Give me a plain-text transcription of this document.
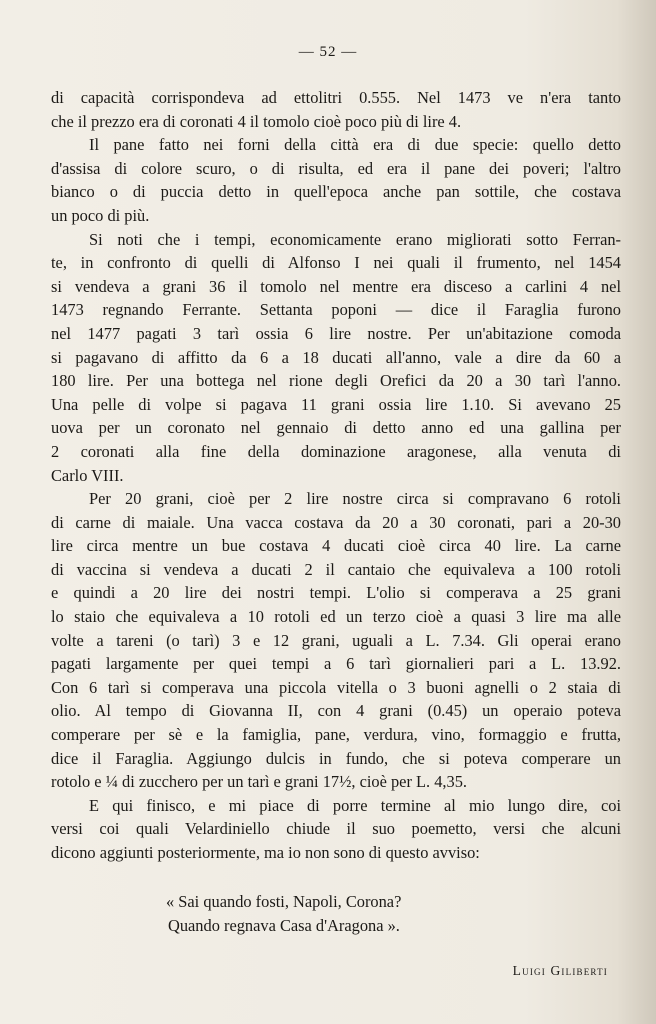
— 52 —
di capacità corrispondeva ad ettolitri 0.555. Nel 1473 ve n'era tanto
che il prezzo era di coronati 4 il tomolo cioè poco più di lire 4.
Il pane fatto nei forni della città era di due specie: quello detto
d'assisa di colore scuro, o di risulta, ed era il pane dei poveri; l'altro
bianco o di puccia detto in quell'epoca anche pan sottile, che costava
un poco di più.
Si noti che i tempi, economicamente erano migliorati sotto Ferran-
te, in confronto di quelli di Alfonso I nei quali il frumento, nel 1454
si vendeva a grani 36 il tomolo nel mentre era disceso a carlini 4 nel
1473 regnando Ferrante. Settanta poponi — dice il Faraglia furono
nel 1477 pagati 3 tarì ossia 6 lire nostre. Per un'abitazione comoda
si pagavano di affitto da 6 a 18 ducati all'anno, vale a dire da 60 a
180 lire. Per una bottega nel rione degli Orefici da 20 a 30 tarì l'anno.
Una pelle di volpe si pagava 11 grani ossia lire 1.10. Si avevano 25
uova per un coronato nel gennaio di detto anno ed una gallina per
2 coronati alla fine della dominazione aragonese, alla venuta di
Carlo VIII.
Per 20 grani, cioè per 2 lire nostre circa si compravano 6 rotoli
di carne di maiale. Una vacca costava da 20 a 30 coronati, pari a 20-30
lire circa mentre un bue costava 4 ducati cioè circa 40 lire. La carne
di vaccina si vendeva a ducati 2 il cantaio che equivaleva a 100 rotoli
e quindi a 20 lire dei nostri tempi. L'olio si comperava a 25 grani
lo staio che equivaleva a 10 rotoli ed un terzo cioè a quasi 3 lire ma alle
volte a tareni (o tarì) 3 e 12 grani, uguali a L. 7.34. Gli operai erano
pagati largamente per quei tempi a 6 tarì giornalieri pari a L. 13.92.
Con 6 tarì si comperava una piccola vitella o 3 buoni agnelli o 2 staia di
olio. Al tempo di Giovanna II, con 4 grani (0.45) un operaio poteva
comperare per sè e la famiglia, pane, verdura, vino, formaggio e frutta,
dice il Faraglia. Aggiungo dulcis in fundo, che si poteva comperare un
rotolo e ¼ di zucchero per un tarì e grani 17½, cioè per L. 4,35.
E qui finisco, e mi piace di porre termine al mio lungo dire, coi
versi coi quali Velardiniello chiude il suo poemetto, versi che alcuni
dicono aggiunti posteriormente, ma io non sono di questo avviso:
« Sai quando fosti, Napoli, Corona?
Quando regnava Casa d'Aragona ».
Luigi Giliberti
